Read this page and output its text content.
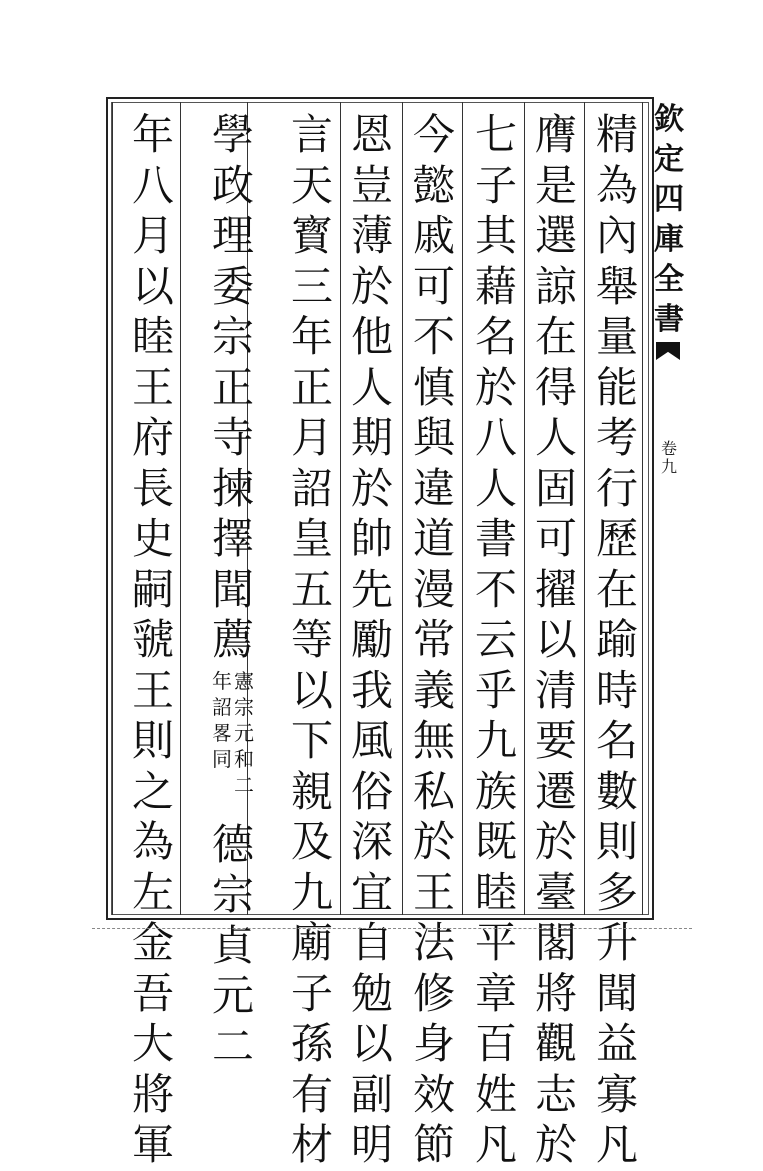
欽
定
四
庫
全
書
卷
九
精
為
內
舉
量
能
考
行
歷
在
踰
時
名
數
則
多
升
聞
益
寡
凡
膺
是
選
諒
在
得
人
固
可
擢
以
清
要
遷
於
臺
閣
將
觀
志
於
七
子
其
藉
名
於
八
人
書
不
云
乎
九
族
既
睦
平
章
百
姓
凡
今
懿
戚
可
不
慎
與
違
道
漫
常
義
無
私
於
王
法
修
身
效
節
恩
豈
薄
於
他
人
期
於
帥
先
勵
我
風
俗
深
宜
自
勉
以
副
明
言
天
寳
三
年
正
月
詔
皇
五
等
以
下
親
及
九
廟
子
孫
有
材
學
政
理
委
宗
正
寺
揀
擇
聞
薦
憲
宗
元
和
二
年
詔
畧
同
德
宗
貞
元
二
年
八
月
以
睦
王
府
長
史
嗣
虢
王
則
之
為
左
金
吾
大
將
軍
